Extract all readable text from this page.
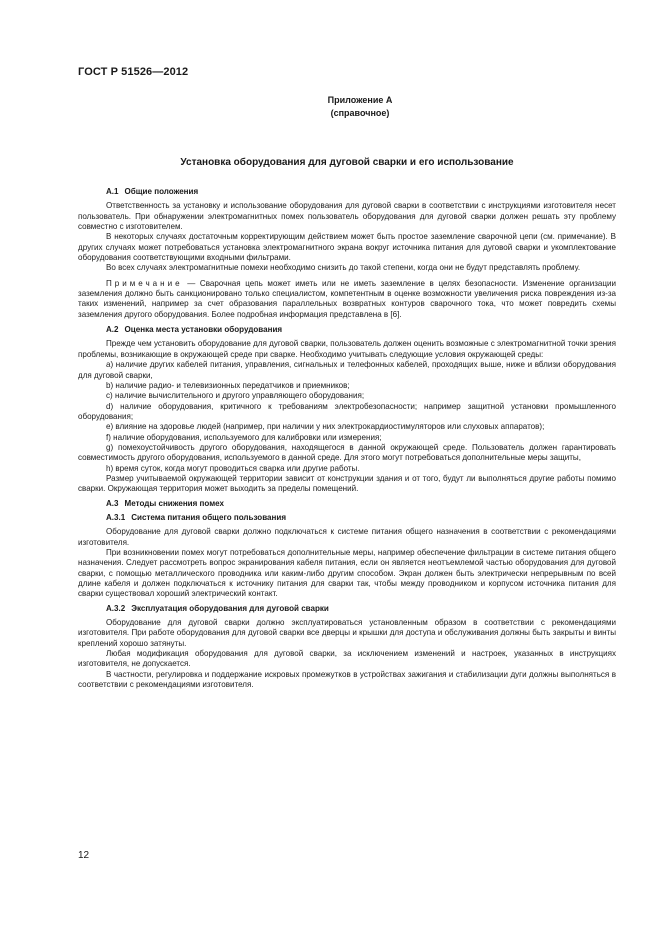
ГОСТ Р 51526—2012
Приложение А
(справочное)
Установка оборудования для дуговой сварки и его использование

А.1 Общие положения

Ответственность за установку и использование оборудования для дуговой сварки в соответствии с инструкциями изготовителя несет пользователь. При обнаружении электромагнитных помех пользователь оборудования для дуговой сварки должен решать эту проблему совместно с изготовителем.

В некоторых случаях достаточным корректирующим действием может быть простое заземление сварочной цепи (см. примечание). В других случаях может потребоваться установка электромагнитного экрана вокруг источника питания для дуговой сварки и укомплектование оборудования соответствующими входными фильтрами.

Во всех случаях электромагнитные помехи необходимо снизить до такой степени, когда они не будут представлять проблему.

Примечание — Сварочная цепь может иметь или не иметь заземление в целях безопасности. Изменение организации заземления должно быть санкционировано только специалистом, компетентным в оценке возможности увеличения риска повреждения из-за таких изменений, например за счет образования параллельных возвратных контуров сварочного тока, что может повредить схемы заземления другого оборудования. Более подробная информация представлена в [6].

А.2 Оценка места установки оборудования

Прежде чем установить оборудование для дуговой сварки, пользователь должен оценить возможные с электромагнитной точки зрения проблемы, возникающие в окружающей среде при сварке. Необходимо учитывать следующие условия окружающей среды:

a) наличие других кабелей питания, управления, сигнальных и телефонных кабелей, проходящих выше, ниже и вблизи оборудования для дуговой сварки,

b) наличие радио- и телевизионных передатчиков и приемников;

c) наличие вычислительного и другого управляющего оборудования;

d) наличие оборудования, критичного к требованиям электробезопасности; например защитной установки промышленного оборудования;

e) влияние на здоровье людей (например, при наличии у них электрокардиостимуляторов или слуховых аппаратов);

f) наличие оборудования, используемого для калибровки или измерения;

g) помехоустойчивость другого оборудования, находящегося в данной окружающей среде. Пользователь должен гарантировать совместимость другого оборудования, используемого в данной среде. Для этого могут потребоваться дополнительные меры защиты,

h) время суток, когда могут проводиться сварка или другие работы.

Размер учитываемой окружающей территории зависит от конструкции здания и от того, будут ли выполняться другие работы помимо сварки. Окружающая территория может выходить за пределы помещений.

А.3 Методы снижения помех

А.3.1 Система питания общего пользования

Оборудование для дуговой сварки должно подключаться к системе питания общего назначения в соответствии с рекомендациями изготовителя.

При возникновении помех могут потребоваться дополнительные меры, например обеспечение фильтрации в системе питания общего назначения. Следует рассмотреть вопрос экранирования кабеля питания, если он является неотъемлемой частью оборудования для дуговой сварки, с помощью металлического проводника или каким-либо другим способом. Экран должен быть электрически непрерывным по всей длине кабеля и должен подключаться к источнику питания для сварки так, чтобы между проводником и корпусом источника питания для сварки существовал хороший электрический контакт.

А.3.2 Эксплуатация оборудования для дуговой сварки

Оборудование для дуговой сварки должно эксплуатироваться установленным образом в соответствии с рекомендациями изготовителя. При работе оборудования для дуговой сварки все дверцы и крышки для доступа и обслуживания должны быть закрыты и винты креплений хорошо затянуты.

Любая модификация оборудования для дуговой сварки, за исключением изменений и настроек, указанных в инструкциях изготовителя, не допускается.

В частности, регулировка и поддержание искровых промежутков в устройствах зажигания и стабилизации дуги должны выполняться в соответствии с рекомендациями изготовителя.

12
